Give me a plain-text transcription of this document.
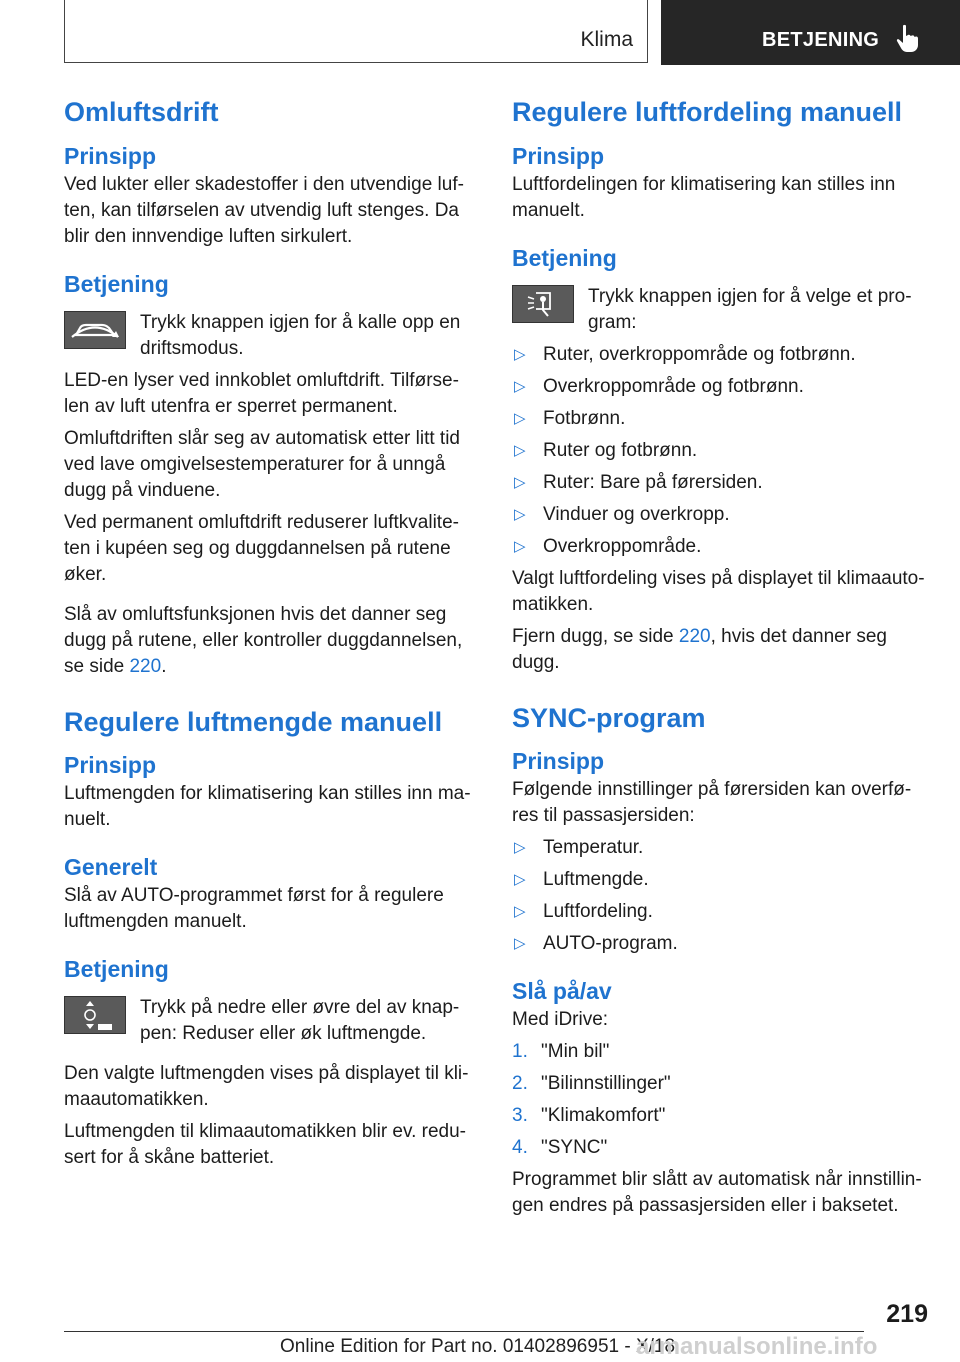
Klima	BETJENING
Omluftsdrift
Prinsipp

Ved lukter eller skadestoffer i den utvendige luf-ten, kan tilførselen av utvendig luft stenges. Da blir den innvendige luften sirkulert.

Betjening

Trykk knappen igjen for å kalle opp en driftsmodus.

LED-en lyser ved innkoblet omluftdrift. Tilførse-len av luft utenfra er sperret permanent.

Omluftdriften slår seg av automatisk etter litt tid ved lave omgivelsestemperaturer for å unngå dugg på vinduene.

Ved permanent omluftdrift reduserer luftkvalite-ten i kupéen seg og duggdannelsen på rutene øker.

Slå av omluftsfunksjonen hvis det danner seg dugg på rutene, eller kontroller duggdannelsen, se side 220.

Regulere luftmengde manuell
Prinsipp

Luftmengden for klimatisering kan stilles inn ma-nuelt.

Generelt

Slå av AUTO-programmet først for å regulere luftmengden manuelt.

Betjening

Trykk på nedre eller øvre del av knap-pen: Reduser eller øk luftmengde.

Den valgte luftmengden vises på displayet til kli-maautomatikken.

Luftmengden til klimaautomatikken blir ev. redu-sert for å skåne batteriet.

Regulere luftfordeling manuell
Prinsipp

Luftfordelingen for klimatisering kan stilles inn manuelt.

Betjening

Trykk knappen igjen for å velge et pro-gram:

▷ Ruter, overkroppområde og fotbrønn.
▷ Overkroppområde og fotbrønn.
▷ Fotbrønn.
▷ Ruter og fotbrønn.
▷ Ruter: Bare på førersiden.
▷ Vinduer og overkropp.
▷ Overkroppområde.

Valgt luftfordeling vises på displayet til klimaauto-matikken.

Fjern dugg, se side 220, hvis det danner seg dugg.

SYNC-program
Prinsipp

Følgende innstillinger på førersiden kan overfø-res til passasjersiden:

▷ Temperatur.
▷ Luftmengde.
▷ Luftfordeling.
▷ AUTO-program.
Slå på/av

Med iDrive:

1. "Min bil"
2. "Bilinnstillinger"
3. "Klimakomfort"
4. "SYNC"

Programmet blir slått av automatisk når innstillin-gen endres på passasjersiden eller i baksetet.

219
Online Edition for Part no. 01402896951 - X/18
armanualsonline.info
